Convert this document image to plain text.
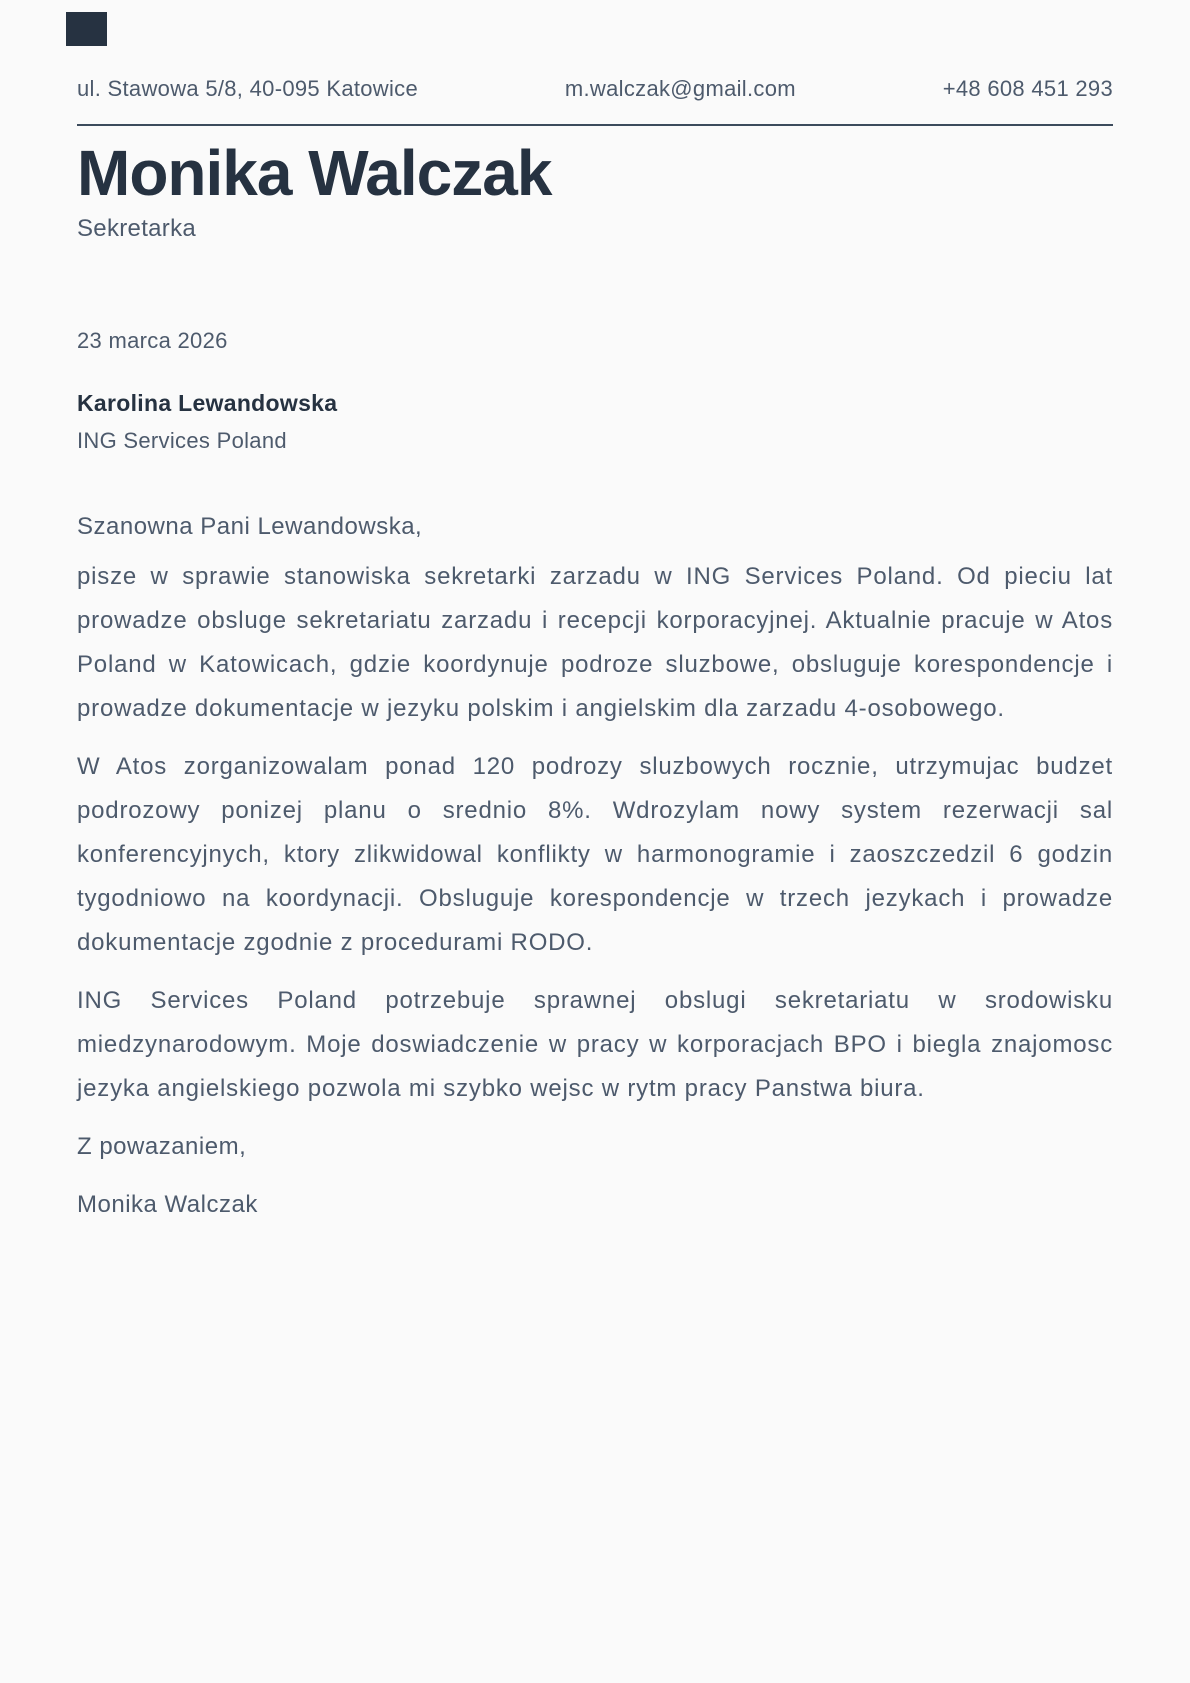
ul. Stawowa 5/8, 40-095 Katowice	m.walczak@gmail.com	+48 608 451 293
Monika Walczak
Sekretarka
23 marca 2026
Karolina Lewandowska
ING Services Poland

Szanowna Pani Lewandowska,

pisze w sprawie stanowiska sekretarki zarzadu w ING Services Poland. Od pieciu lat prowadze obsluge sekretariatu zarzadu i recepcji korporacyjnej. Aktualnie pracuje w Atos Poland w Katowicach, gdzie koordynuje podroze sluzbowe, obsluguje korespondencje i prowadze dokumentacje w jezyku polskim i angielskim dla zarzadu 4-osobowego.

W Atos zorganizowalam ponad 120 podrozy sluzbowych rocznie, utrzymujac budzet podrozowy ponizej planu o srednio 8%. Wdrozylam nowy system rezerwacji sal konferencyjnych, ktory zlikwidowal konflikty w harmonogramie i zaoszczedzil 6 godzin tygodniowo na koordynacji. Obsluguje korespondencje w trzech jezykach i prowadze dokumentacje zgodnie z procedurami RODO.

ING Services Poland potrzebuje sprawnej obslugi sekretariatu w srodowisku miedzynarodowym. Moje doswiadczenie w pracy w korporacjach BPO i biegla znajomosc jezyka angielskiego pozwola mi szybko wejsc w rytm pracy Panstwa biura.

Z powazaniem,

Monika Walczak
